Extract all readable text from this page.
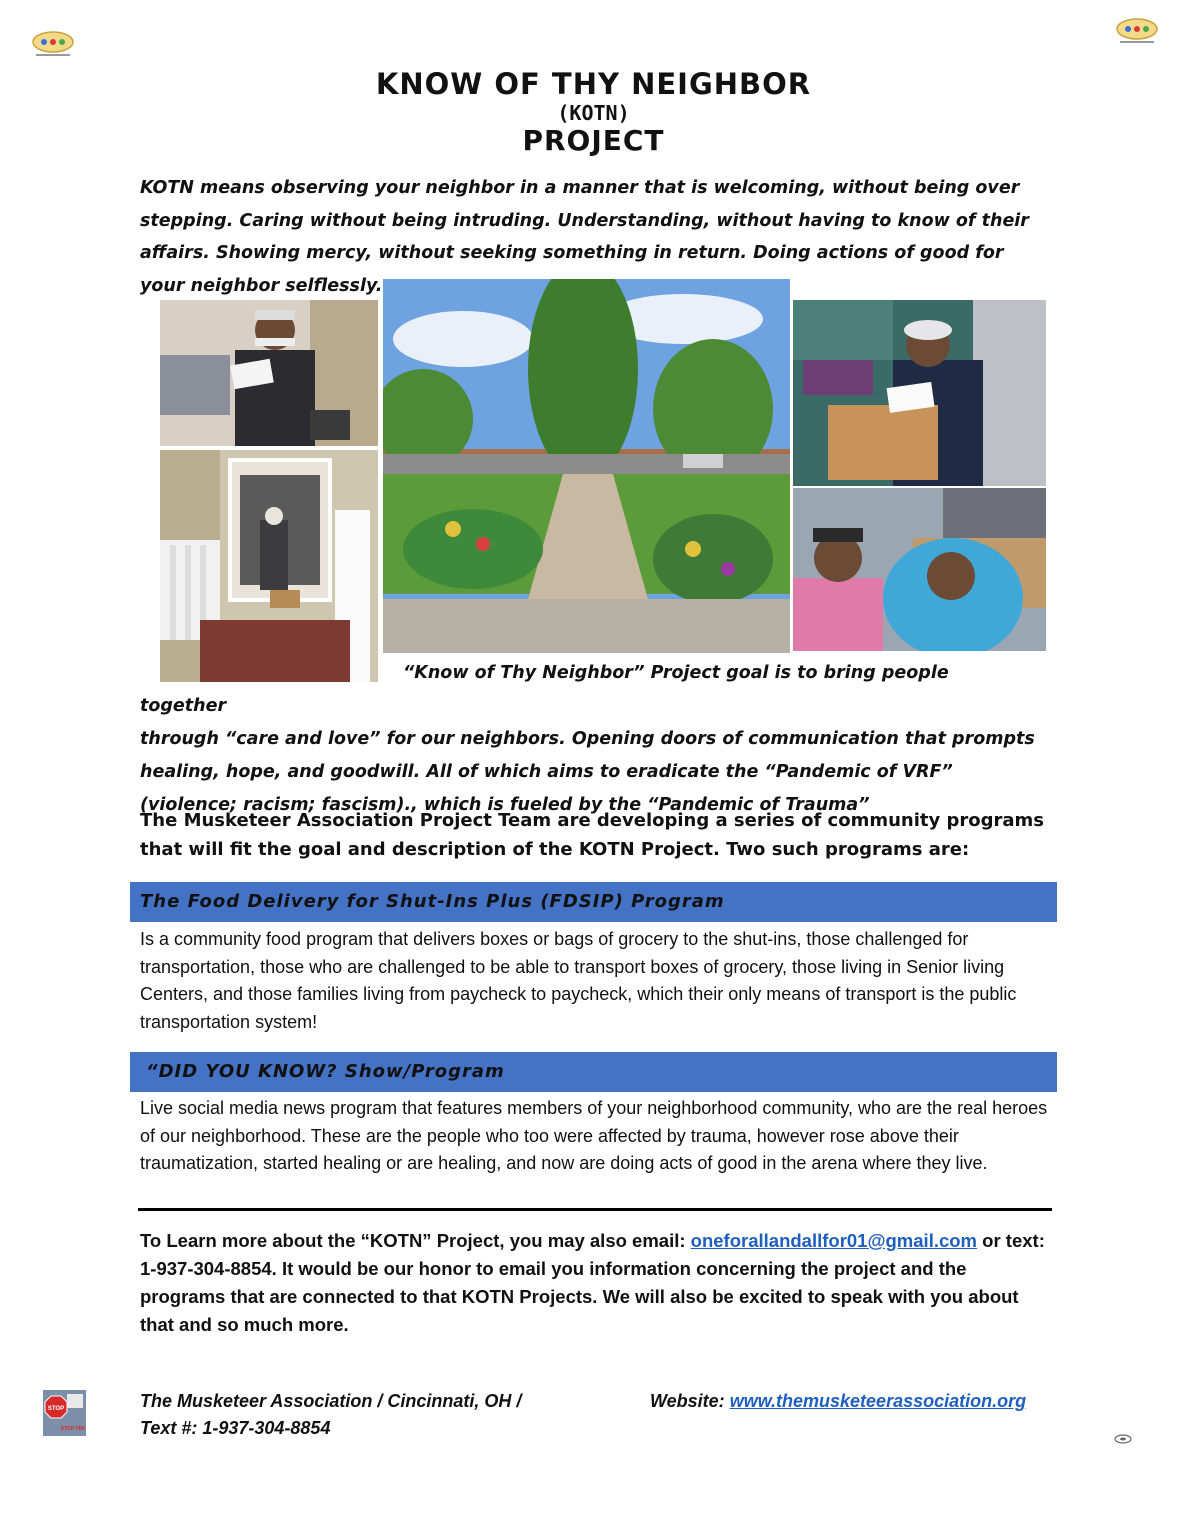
KNOW OF THY NEIGHBOR
(KOTN)
PROJECT
KOTN means observing your neighbor in a manner that is welcoming, without being over stepping. Caring without being intruding. Understanding, without having to know of their affairs. Showing mercy, without seeking something in return. Doing actions of good for your neighbor selflessly.
“Know of Thy Neighbor” Project goal is to bring people together
through “care and love” for our neighbors. Opening doors of communication that prompts healing, hope, and goodwill. All of which aims to eradicate the “Pandemic of VRF” (violence; racism; fascism)., which is fueled by the “Pandemic of Trauma”
The Musketeer Association Project Team are developing a series of community programs that will fit the goal and description of the KOTN Project. Two such programs are:
The Food Delivery for Shut-Ins Plus (FDSIP) Program
Is a community food program that delivers boxes or bags of grocery to the shut-ins, those challenged for transportation, those who are challenged to be able to transport boxes of grocery, those living in Senior living Centers, and those families living from paycheck to paycheck, which their only means of transport is the public transportation system!
“DID YOU KNOW? Show/Program
Live social media news program that features members of your neighborhood community, who are the real heroes of our neighborhood. These are the people who too were affected by trauma, however rose above their traumatization, started healing or are healing, and now are doing acts of good in the arena where they live.
To Learn more about the “KOTN” Project, you may also email: oneforallandallfor01@gmail.com or text: 1-937-304-8854. It would be our honor to email you information concerning the project and the programs that are connected to that KOTN Projects. We will also be excited to speak with you about that and so much more.
STOP
STOP VRF
The Musketeer Association / Cincinnati, OH /
Text #: 1-937-304-8854
Website: www.themusketeerassociation.org
